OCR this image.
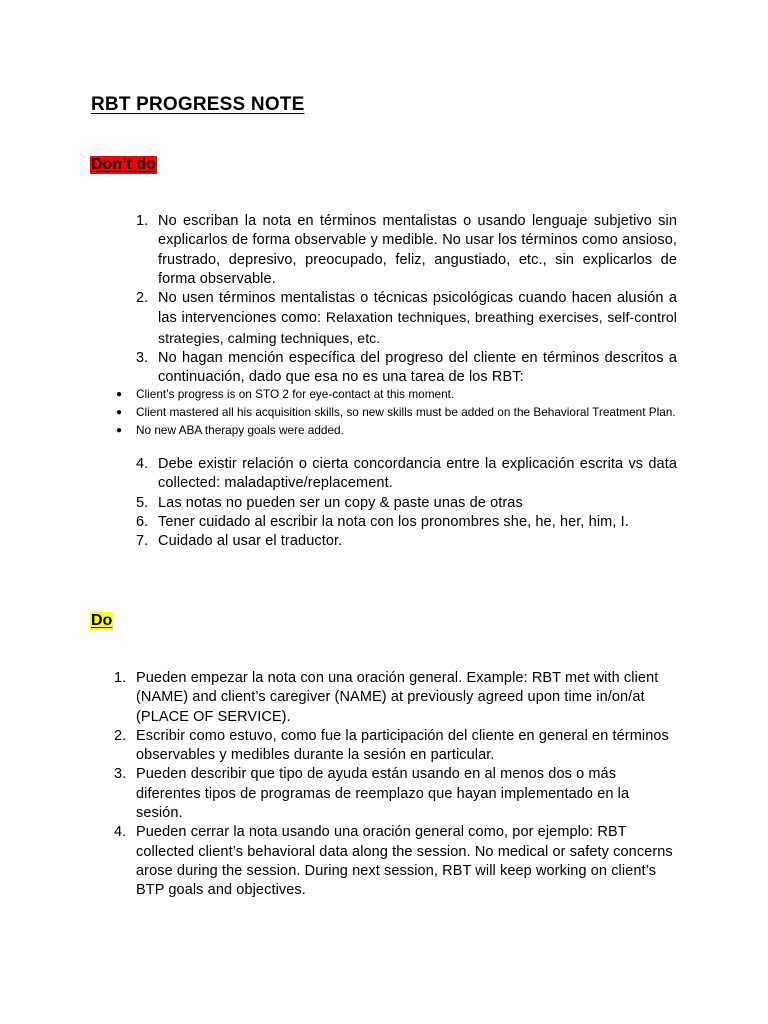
RBT PROGRESS NOTE
Don’t do
1. No escriban la nota en términos mentalistas o usando lenguaje subjetivo sin explicarlos de forma observable y medible. No usar los términos como ansioso, frustrado, depresivo, preocupado, feliz, angustiado, etc., sin explicarlos de forma observable.
2. No usen términos mentalistas o técnicas psicológicas cuando hacen alusión a las intervenciones como: Relaxation techniques, breathing exercises, self-control strategies, calming techniques, etc.
3. No hagan mención específica del progreso del cliente en términos descritos a continuación, dado que esa no es una tarea de los RBT:
● Client’s progress is on STO 2 for eye-contact at this moment.
● Client mastered all his acquisition skills, so new skills must be added on the Behavioral Treatment Plan.
● No new ABA therapy goals were added.
4. Debe existir relación o cierta concordancia entre la explicación escrita vs data collected: maladaptive/replacement.
5. Las notas no pueden ser un copy & paste unas de otras
6. Tener cuidado al escribir la nota con los pronombres she, he, her, him, I.
7. Cuidado al usar el traductor.
Do
1. Pueden empezar la nota con una oración general. Example: RBT met with client (NAME) and client’s caregiver (NAME) at previously agreed upon time in/on/at (PLACE OF SERVICE).
2. Escribir como estuvo, como fue la participación del cliente en general en términos observables y medibles durante la sesión en particular.
3. Pueden describir que tipo de ayuda están usando en al menos dos o más diferentes tipos de programas de reemplazo que hayan implementado en la sesión.
4. Pueden cerrar la nota usando una oración general como, por ejemplo: RBT collected client’s behavioral data along the session. No medical or safety concerns arose during the session. During next session, RBT will keep working on client’s BTP goals and objectives.
